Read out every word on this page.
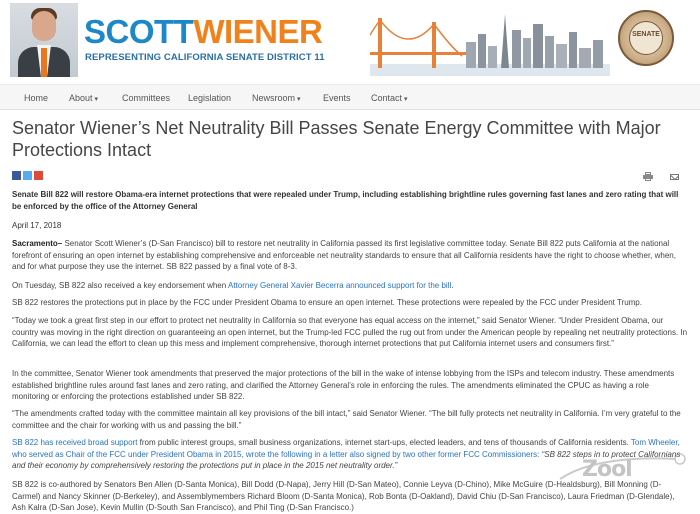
SCOTTWIENER
REPRESENTING CALIFORNIA SENATE DISTRICT 11
SENATE
Home About ▾	Committees Legislation Newsroom ▾ Events Contact ▾
Senator Wiener’s Net Neutrality Bill Passes Senate Energy Committee with Major Protections Intact

Senate Bill 822 will restore Obama-era internet protections that were repealed under Trump, including establishing brightline rules governing fast lanes and zero rating that will be enforced by the office of the Attorney General

April 17, 2018

Sacramento– Senator Scott Wiener’s (D-San Francisco) bill to restore net neutrality in California passed its first legislative committee today. Senate Bill 822 puts California at the national forefront of ensuring an open internet by establishing comprehensive and enforceable net neutrality standards to ensure that all California residents have the right to choose whether, when, and for what purpose they use the internet. SB 822 passed by a final vote of 8-3.

On Tuesday, SB 822 also received a key endorsement when Attorney General Xavier Becerra announced support for the bill.

SB 822 restores the protections put in place by the FCC under President Obama to ensure an open internet. These protections were repealed by the FCC under President Trump.

“Today we took a great first step in our effort to protect net neutrality in California so that everyone has equal access on the internet,” said Senator Wiener. “Under President Obama, our country was moving in the right direction on guaranteeing an open internet, but the Trump-led FCC pulled the rug out from under the American people by repealing net neutrality protections. In California, we can lead the effort to clean up this mess and implement comprehensive, thorough internet protections that put California internet users and consumers first.”

In the committee, Senator Wiener took amendments that preserved the major protections of the bill in the wake of intense lobbying from the ISPs and telecom industry. These amendments established brightline rules around fast lanes and zero rating, and clarified the Attorney General’s role in enforcing the rules. The amendments eliminated the CPUC as having a role monitoring or enforcing the protections established under SB 822.

“The amendments crafted today with the committee maintain all key provisions of the bill intact,” said Senator Wiener. “The bill fully protects net neutrality in California. I’m very grateful to the committee and the chair for working with us and passing the bill.”

SB 822 has received broad support from public interest groups, small business organizations, internet start-ups, elected leaders, and tens of thousands of California residents. Tom Wheeler, who served as Chair of the FCC under President Obama in 2015, wrote the following in a letter also signed by two other former FCC Commissioners: “SB 822 steps in to protect Californians and their economy by comprehensively restoring the protections put in place in the 2015 net neutrality order.”

SB 822 is co-authored by Senators Ben Allen (D-Santa Monica), Bill Dodd (D-Napa), Jerry Hill (D-San Mateo), Connie Leyva (D-Chino), Mike McGuire (D-Healdsburg), Bill Monning (D-Carmel) and Nancy Skinner (D-Berkeley), and Assemblymembers Richard Bloom (D-Santa Monica), Rob Bonta (D-Oakland), David Chiu (D-San Francisco), Laura Friedman (D-Glendale), Ash Kalra (D-San Jose), Kevin Mullin (D-South San Francisco), and Phil Ting (D-San Francisco.)

Zool
